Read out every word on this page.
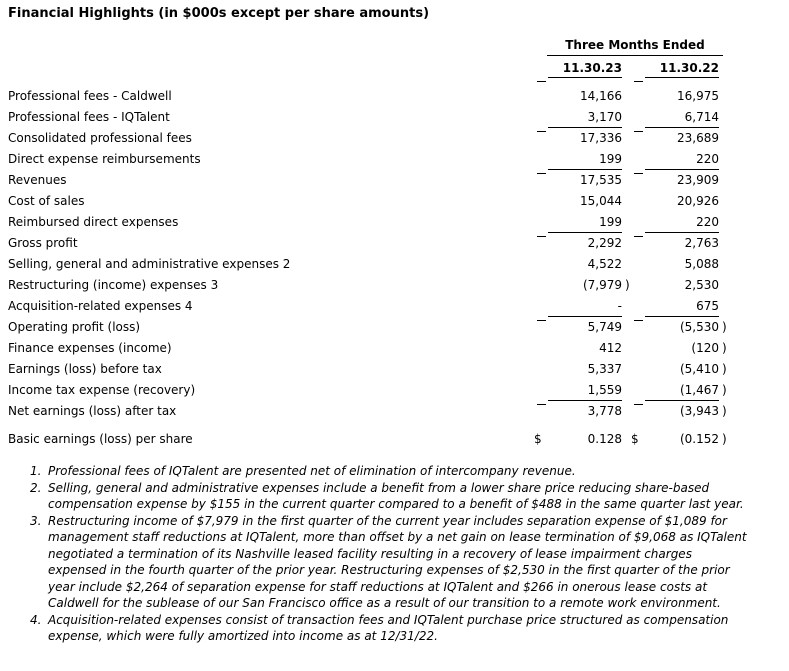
Financial Highlights (in $000s except per share amounts)
Three Months Ended
11.30.23	11.30.22
Professional fees - Caldwell	14,166	16,975
Professional fees - IQTalent	3,170	6,714
Consolidated professional fees	17,336	23,689
Direct expense reimbursements	199	220
Revenues	17,535	23,909
Cost of sales	15,044	20,926
Reimbursed direct expenses	199	220
Gross profit	2,292	2,763
Selling, general and administrative expenses 2	4,522	5,088
Restructuring (income) expenses 3	(7,979 )	2,530
Acquisition-related expenses 4	-	675
Operating profit (loss)	5,749	(5,530 )
Finance expenses (income)	412	(120 )
Earnings (loss) before tax	5,337	(5,410 )
Income tax expense (recovery)	1,559	(1,467 )
Net earnings (loss) after tax	3,778	(3,943 )
Basic earnings (loss) per share	$	0.128 $	(0.152 )
1. Professional fees of IQTalent are presented net of elimination of intercompany revenue.
2. Selling, general and administrative expenses include a benefit from a lower share price reducing share-based compensation expense by $155 in the current quarter compared to a benefit of $488 in the same quarter last year.
3. Restructuring income of $7,979 in the first quarter of the current year includes separation expense of $1,089 for management staff reductions at IQTalent, more than offset by a net gain on lease termination of $9,068 as IQTalent negotiated a termination of its Nashville leased facility resulting in a recovery of lease impairment charges expensed in the fourth quarter of the prior year. Restructuring expenses of $2,530 in the first quarter of the prior year include $2,264 of separation expense for staff reductions at IQTalent and $266 in onerous lease costs at Caldwell for the sublease of our San Francisco office as a result of our transition to a remote work environment.
4. Acquisition-related expenses consist of transaction fees and IQTalent purchase price structured as compensation expense, which were fully amortized into income as at 12/31/22.
